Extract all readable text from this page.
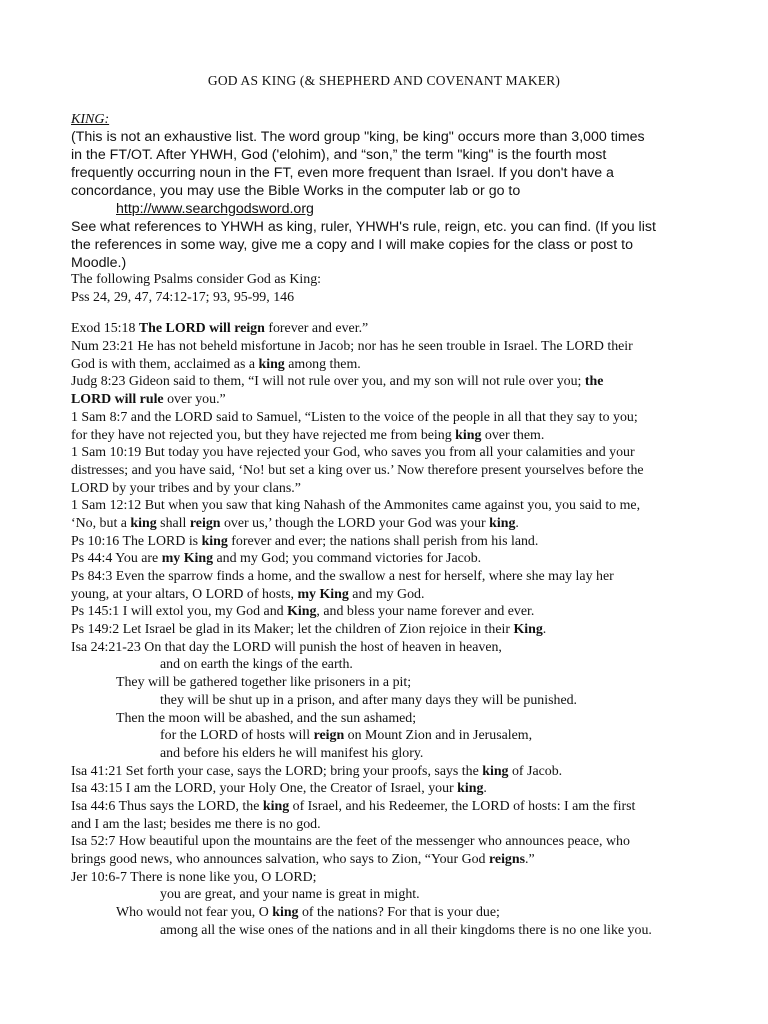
GOD AS KING (& SHEPHERD AND COVENANT MAKER)
KING:
(This is not an exhaustive list. The word group "king, be king" occurs more than 3,000 times
in the FT/OT. After YHWH, God ('elohim), and “son,” the term "king" is the fourth most
frequently occurring noun in the FT, even more frequent than Israel. If you don't have a
concordance, you may use the Bible Works in the computer lab or go to
http://www.searchgodsword.org
See what references to YHWH as king, ruler, YHWH's rule, reign, etc. you can find. (If you list
the references in some way, give me a copy and I will make copies for the class or post to
Moodle.)
The following Psalms consider God as King:
Pss 24, 29, 47, 74:12-17; 93, 95-99, 146
Exod 15:18 The LORD will reign forever and ever.”
Num 23:21 He has not beheld misfortune in Jacob; nor has he seen trouble in Israel. The LORD their
God is with them, acclaimed as a king among them.
Judg 8:23 Gideon said to them, “I will not rule over you, and my son will not rule over you; the
LORD will rule over you.”
1 Sam 8:7 and the LORD said to Samuel, “Listen to the voice of the people in all that they say to you;
for they have not rejected you, but they have rejected me from being king over them.
1 Sam 10:19 But today you have rejected your God, who saves you from all your calamities and your
distresses; and you have said, ‘No! but set a king over us.’ Now therefore present yourselves before the
LORD by your tribes and by your clans.”
1 Sam 12:12 But when you saw that king Nahash of the Ammonites came against you, you said to me,
‘No, but a king shall reign over us,’ though the LORD your God was your king.
Ps 10:16 The LORD is king forever and ever; the nations shall perish from his land.
Ps 44:4 You are my King and my God; you command victories for Jacob.
Ps 84:3 Even the sparrow finds a home, and the swallow a nest for herself, where she may lay her
young, at your altars, O LORD of hosts, my King and my God.
Ps 145:1 I will extol you, my God and King, and bless your name forever and ever.
Ps 149:2 Let Israel be glad in its Maker; let the children of Zion rejoice in their King.
Isa 24:21-23 On that day the LORD will punish the host of heaven in heaven,
and on earth the kings of the earth.
They will be gathered together like prisoners in a pit;
they will be shut up in a prison, and after many days they will be punished.
Then the moon will be abashed, and the sun ashamed;
for the LORD of hosts will reign on Mount Zion and in Jerusalem,
and before his elders he will manifest his glory.
Isa 41:21 Set forth your case, says the LORD; bring your proofs, says the king of Jacob.
Isa 43:15 I am the LORD, your Holy One, the Creator of Israel, your king.
Isa 44:6 Thus says the LORD, the king of Israel, and his Redeemer, the LORD of hosts: I am the first
and I am the last; besides me there is no god.
Isa 52:7 How beautiful upon the mountains are the feet of the messenger who announces peace, who
brings good news, who announces salvation, who says to Zion, “Your God reigns.”
Jer 10:6-7 There is none like you, O LORD;
you are great, and your name is great in might.
Who would not fear you, O king of the nations? For that is your due;
among all the wise ones of the nations and in all their kingdoms there is no one like you.
